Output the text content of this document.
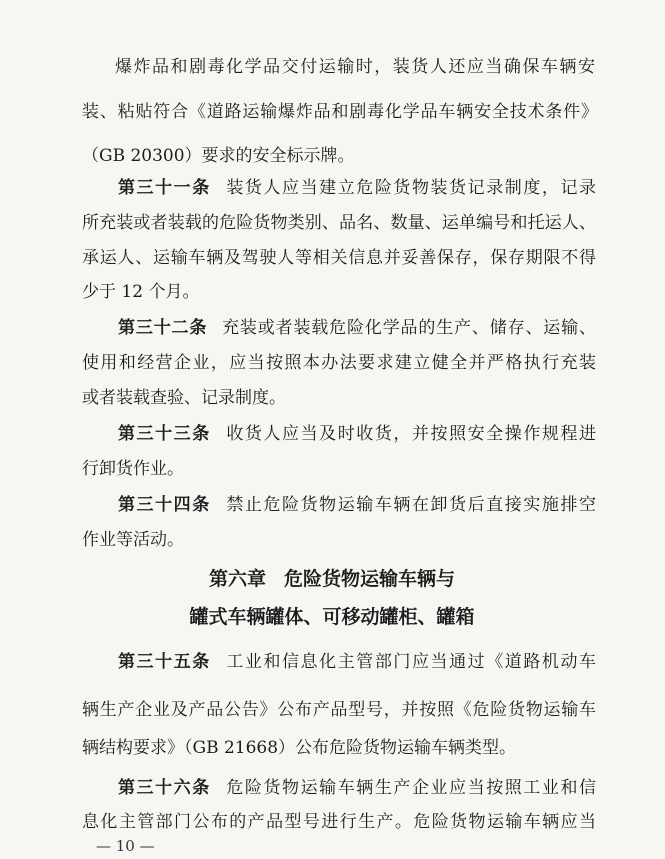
爆炸品和剧毒化学品交付运输时，装货人还应当确保车辆安
装、粘贴符合《道路运输爆炸品和剧毒化学品车辆安全技术条件》
（GB 20300）要求的安全标示牌。
第三十一条 装货人应当建立危险货物装货记录制度，记录
所充装或者装载的危险货物类别、品名、数量、运单编号和托运人、
承运人、运输车辆及驾驶人等相关信息并妥善保存，保存期限不得
少于 12 个月。
第三十二条 充装或者装载危险化学品的生产、储存、运输、
使用和经营企业，应当按照本办法要求建立健全并严格执行充装
或者装载查验、记录制度。
第三十三条 收货人应当及时收货，并按照安全操作规程进
行卸货作业。
第三十四条 禁止危险货物运输车辆在卸货后直接实施排空
作业等活动。
第六章 危险货物运输车辆与
罐式车辆罐体、可移动罐柜、罐箱
第三十五条 工业和信息化主管部门应当通过《道路机动车
辆生产企业及产品公告》公布产品型号，并按照《危险货物运输车
辆结构要求》（GB 21668）公布危险货物运输车辆类型。
第三十六条 危险货物运输车辆生产企业应当按照工业和信
息化主管部门公布的产品型号进行生产。危险货物运输车辆应当
— 10 —
